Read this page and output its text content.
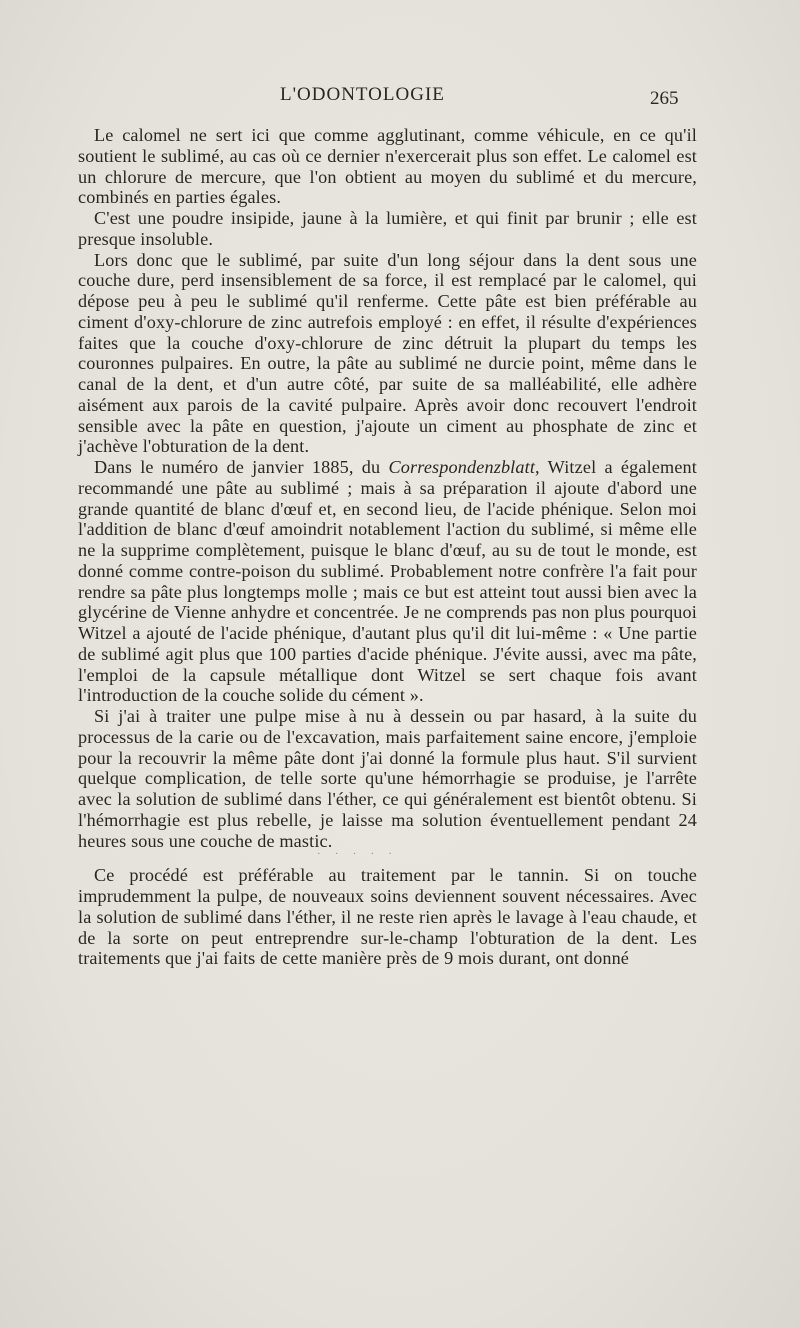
L'ODONTOLOGIE	265

Le calomel ne sert ici que comme agglutinant, comme véhicule, en ce qu'il soutient le sublimé, au cas où ce dernier n'exercerait plus son effet. Le calomel est un chlorure de mercure, que l'on obtient au moyen du sublimé et du mercure, combinés en parties égales.

C'est une poudre insipide, jaune à la lumière, et qui finit par brunir ; elle est presque insoluble.

Lors donc que le sublimé, par suite d'un long séjour dans la dent sous une couche dure, perd insensiblement de sa force, il est remplacé par le calomel, qui dépose peu à peu le sublimé qu'il renferme. Cette pâte est bien préférable au ciment d'oxy-chlorure de zinc autrefois employé : en effet, il résulte d'expériences faites que la couche d'oxy-chlorure de zinc détruit la plupart du temps les couronnes pulpaires. En outre, la pâte au sublimé ne durcie point, même dans le canal de la dent, et d'un autre côté, par suite de sa malléabilité, elle adhère aisément aux parois de la cavité pulpaire. Après avoir donc recouvert l'endroit sensible avec la pâte en question, j'ajoute un ciment au phosphate de zinc et j'achève l'obturation de la dent.

Dans le numéro de janvier 1885, du Correspondenzblatt, Witzel a également recommandé une pâte au sublimé ; mais à sa préparation il ajoute d'abord une grande quantité de blanc d'œuf et, en second lieu, de l'acide phénique. Selon moi l'addition de blanc d'œuf amoindrit notablement l'action du sublimé, si même elle ne la supprime complètement, puisque le blanc d'œuf, au su de tout le monde, est donné comme contre-poison du sublimé. Probablement notre confrère l'a fait pour rendre sa pâte plus longtemps molle ; mais ce but est atteint tout aussi bien avec la glycérine de Vienne anhydre et concentrée. Je ne comprends pas non plus pourquoi Witzel a ajouté de l'acide phénique, d'autant plus qu'il dit lui-même : « Une partie de sublimé agit plus que 100 parties d'acide phénique. J'évite aussi, avec ma pâte, l'emploi de la capsule métallique dont Witzel se sert chaque fois avant l'introduction de la couche solide du cément ».

Si j'ai à traiter une pulpe mise à nu à dessein ou par hasard, à la suite du processus de la carie ou de l'excavation, mais parfaitement saine encore, j'emploie pour la recouvrir la même pâte dont j'ai donné la formule plus haut. S'il survient quelque complication, de telle sorte qu'une hémorrhagie se produise, je l'arrête avec la solution de sublimé dans l'éther, ce qui généralement est bientôt obtenu. Si l'hémorrhagie est plus rebelle, je laisse ma solution éventuellement pendant 24 heures sous une couche de mastic.

· · · · ·

Ce procédé est préférable au traitement par le tannin. Si on touche imprudemment la pulpe, de nouveaux soins deviennent souvent nécessaires. Avec la solution de sublimé dans l'éther, il ne reste rien après le lavage à l'eau chaude, et de la sorte on peut entreprendre sur-le-champ l'obturation de la dent. Les traitements que j'ai faits de cette manière près de 9 mois durant, ont donné
